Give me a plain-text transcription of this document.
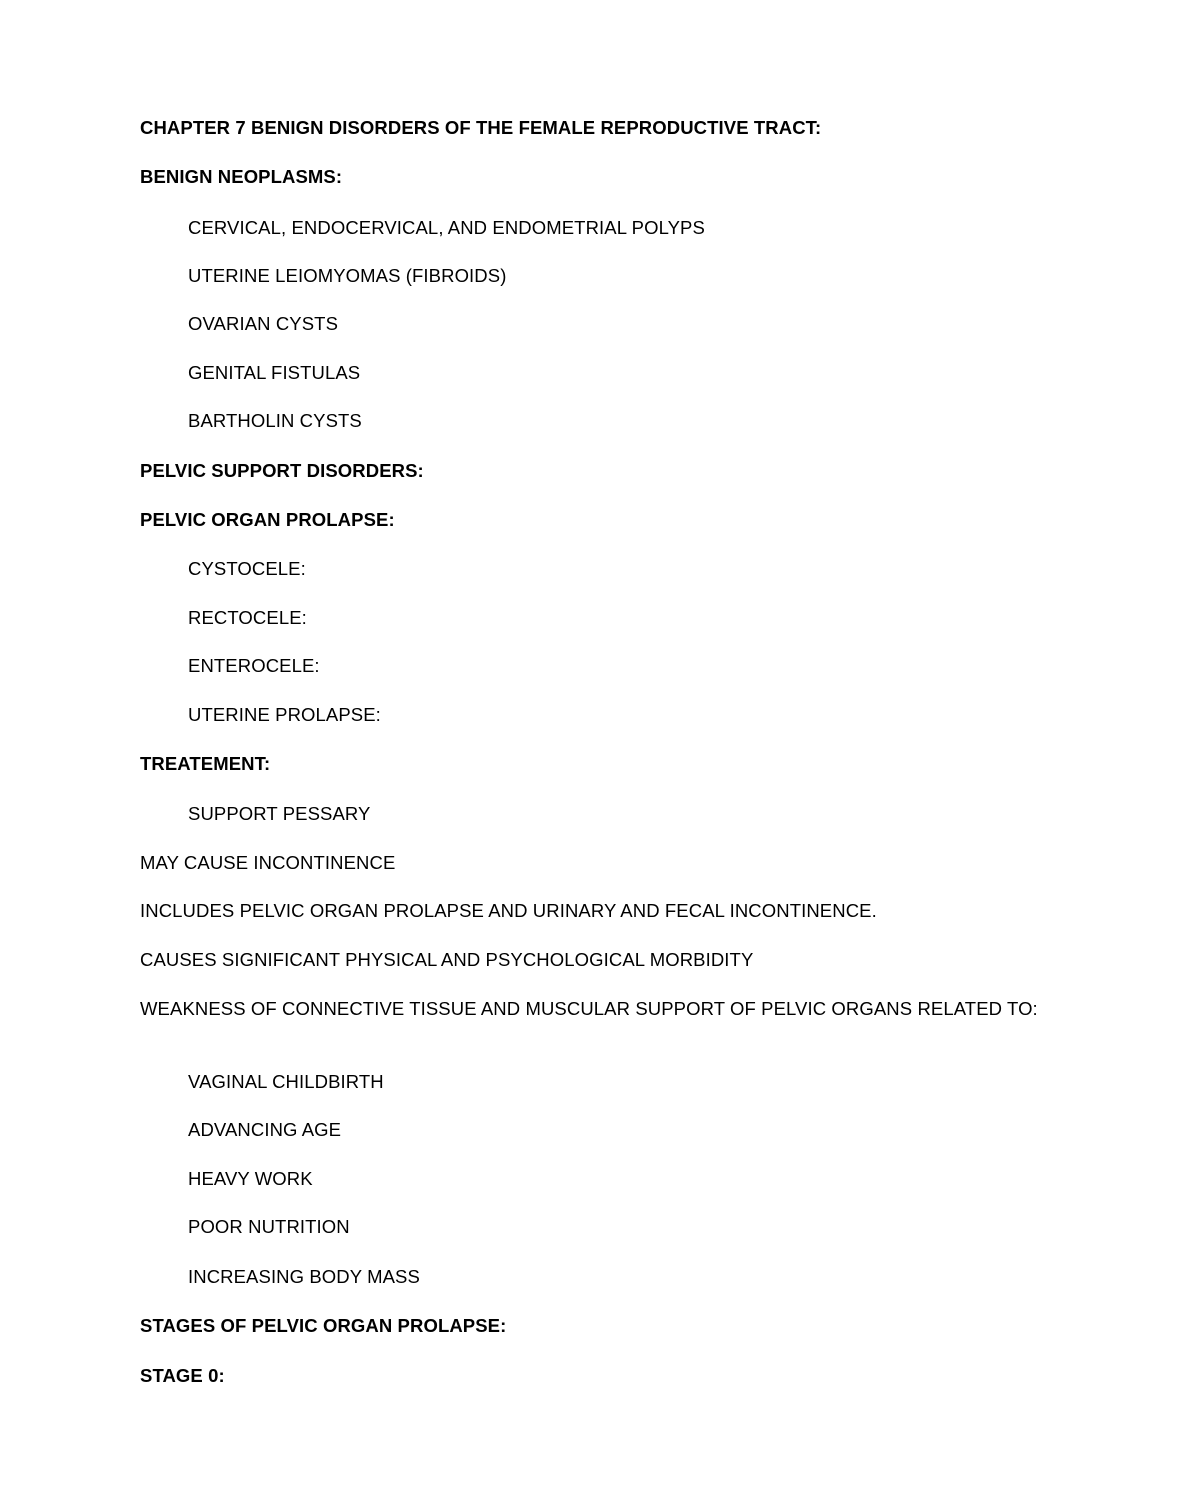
CHAPTER 7 BENIGN DISORDERS OF THE FEMALE REPRODUCTIVE TRACT:
BENIGN NEOPLASMS:
CERVICAL, ENDOCERVICAL, AND ENDOMETRIAL POLYPS
UTERINE LEIOMYOMAS (FIBROIDS)
OVARIAN CYSTS
GENITAL FISTULAS
BARTHOLIN CYSTS
PELVIC SUPPORT DISORDERS:
PELVIC ORGAN PROLAPSE:
CYSTOCELE:
RECTOCELE:
ENTEROCELE:
UTERINE PROLAPSE:
TREATEMENT:
SUPPORT PESSARY
MAY CAUSE INCONTINENCE
INCLUDES PELVIC ORGAN PROLAPSE AND URINARY AND FECAL INCONTINENCE.
CAUSES SIGNIFICANT PHYSICAL AND PSYCHOLOGICAL MORBIDITY
WEAKNESS OF CONNECTIVE TISSUE AND MUSCULAR SUPPORT OF PELVIC ORGANS RELATED TO:
VAGINAL CHILDBIRTH
ADVANCING AGE
HEAVY WORK
POOR NUTRITION
INCREASING BODY MASS
STAGES OF PELVIC ORGAN PROLAPSE:
STAGE 0:
